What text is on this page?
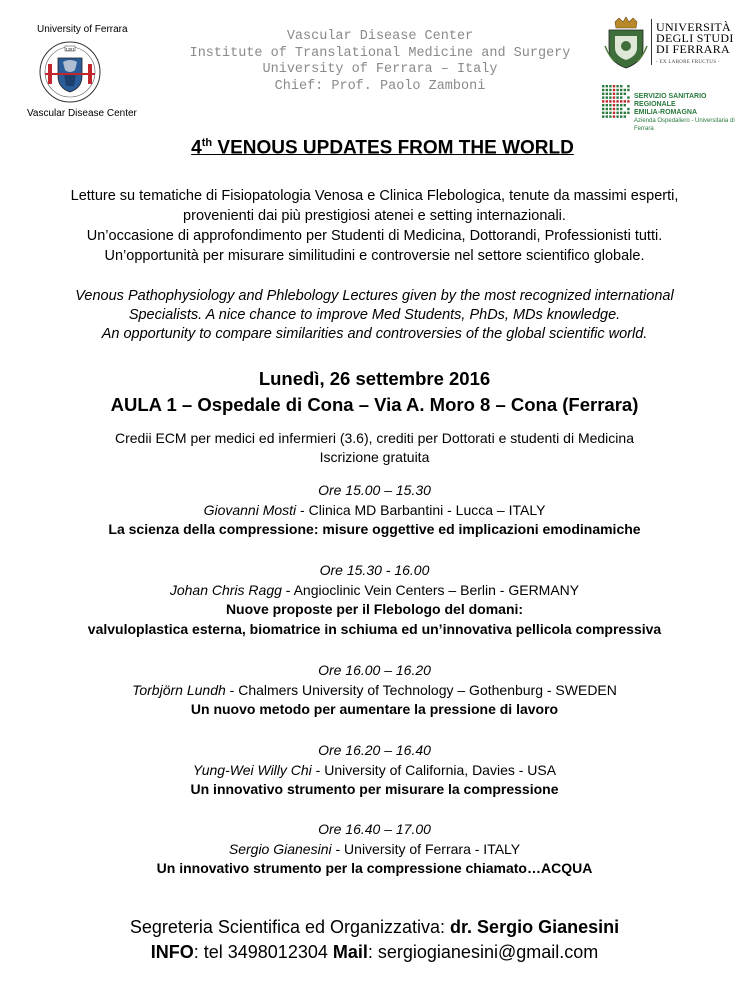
University of Ferrara
1391
Vascular Disease Center
Vascular Disease Center
Institute of Translational Medicine and Surgery
University of Ferrara – Italy
Chief: Prof. Paolo Zamboni
UNIVERSITÀ
DEGLI STUDI
DI FERRARA
- EX LABORE FRUCTUS -
SERVIZIO SANITARIO REGIONALE
EMILIA-ROMAGNA
Azienda Ospedaliero - Universitaria di Ferrara
4th VENOUS UPDATES FROM THE WORLD
Letture su tematiche di Fisiopatologia Venosa e Clinica Flebologica, tenute da massimi esperti,
provenienti dai più prestigiosi atenei e setting internazionali.
Un’occasione di approfondimento per Studenti di Medicina, Dottorandi, Professionisti tutti.
Un’opportunità per misurare similitudini e controversie nel settore scientifico globale.
Venous Pathophysiology and Phlebology Lectures given by the most recognized international
Specialists. A nice chance to improve Med Students, PhDs, MDs knowledge.
An opportunity to compare similarities and controversies of the global scientific world.
Lunedì, 26 settembre 2016
AULA 1 – Ospedale di Cona – Via A. Moro 8 – Cona (Ferrara)
Credii ECM per medici ed infermieri (3.6), crediti per Dottorati e studenti di Medicina
Iscrizione gratuita
Ore 15.00 – 15.30
Giovanni Mosti - Clinica MD Barbantini - Lucca – ITALY
La scienza della compressione: misure oggettive ed implicazioni emodinamiche
Ore 15.30 - 16.00
Johan Chris Ragg - Angioclinic Vein Centers – Berlin - GERMANY
Nuove proposte per il Flebologo del domani:
valvuloplastica esterna, biomatrice in schiuma ed un’innovativa pellicola compressiva
Ore 16.00 – 16.20
Torbjörn Lundh - Chalmers University of Technology – Gothenburg - SWEDEN
Un nuovo metodo per aumentare la pressione di lavoro
Ore 16.20 – 16.40
Yung-Wei Willy Chi - University of California, Davies - USA
Un innovativo strumento per misurare la compressione
Ore 16.40 – 17.00
Sergio Gianesini - University of Ferrara - ITALY
Un innovativo strumento per la compressione chiamato…ACQUA
Segreteria Scientifica ed Organizzativa: dr. Sergio Gianesini
INFO: tel 3498012304 Mail: sergiogianesini@gmail.com
